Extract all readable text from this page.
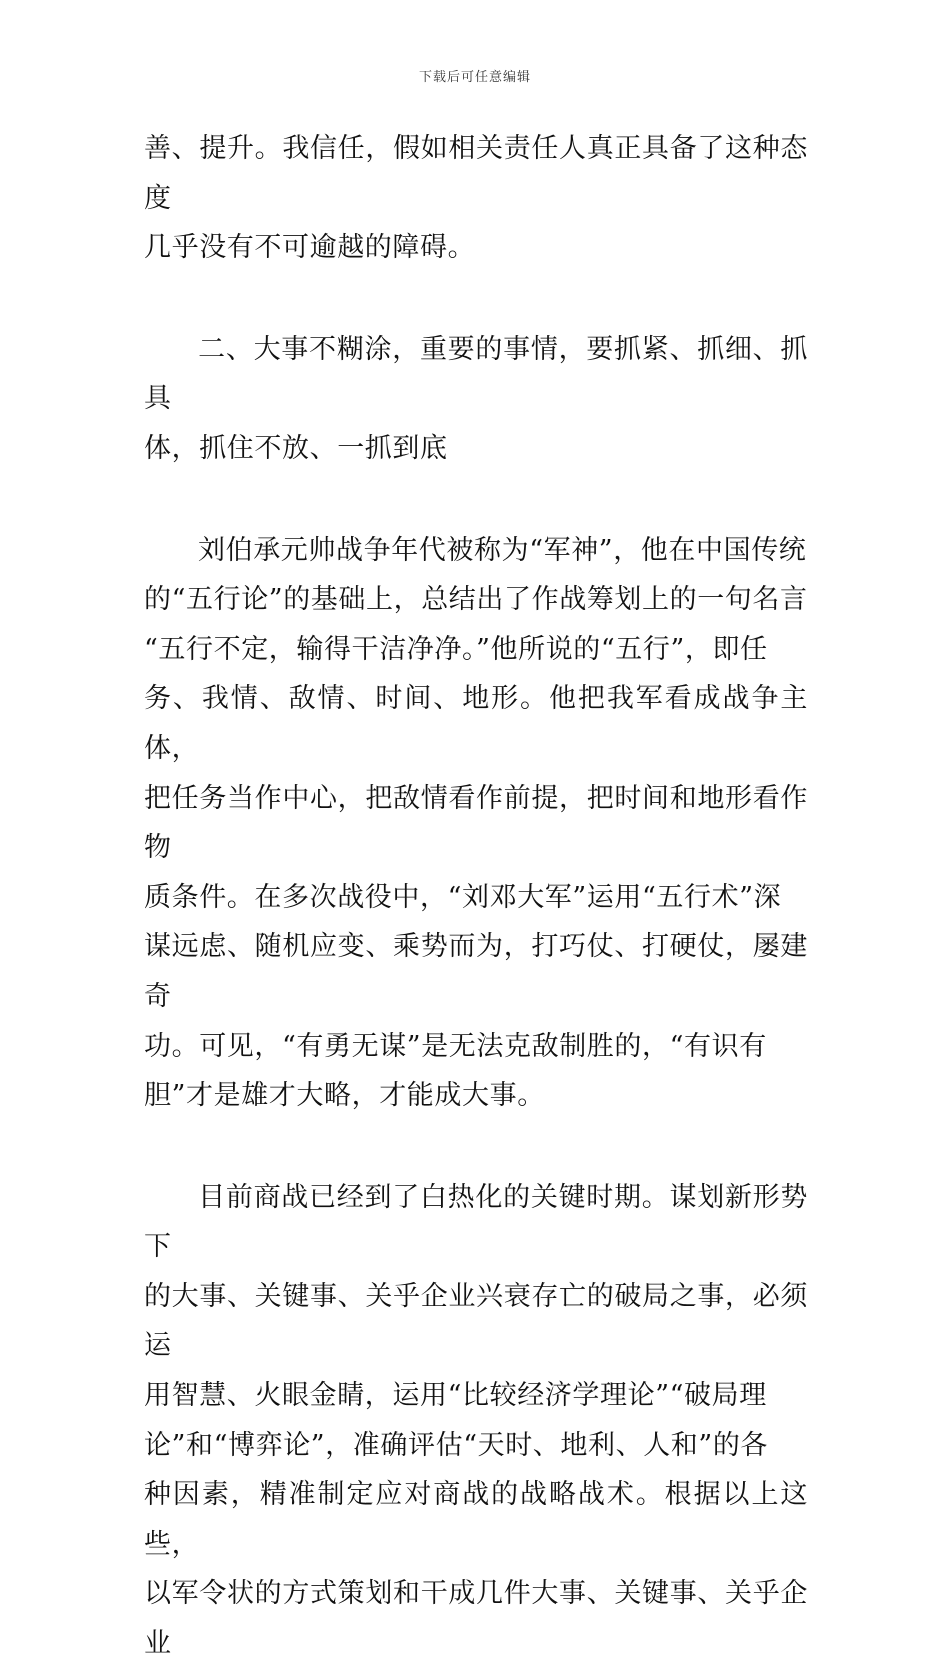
下载后可任意编辑
善、提升。我信任，假如相关责任人真正具备了这种态度
几乎没有不可逾越的障碍。
二、大事不糊涂，重要的事情，要抓紧、抓细、抓具
体，抓住不放、一抓到底
刘伯承元帅战争年代被称为“军神”，他在中国传统
的“五行论”的基础上，总结出了作战筹划上的一句名言
“五行不定，输得干洁净净。”他所说的“五行”，即任
务、我情、敌情、时间、地形。他把我军看成战争主体，
把任务当作中心，把敌情看作前提，把时间和地形看作物
质条件。在多次战役中，“刘邓大军”运用“五行术”深
谋远虑、随机应变、乘势而为，打巧仗、打硬仗，屡建奇
功。可见，“有勇无谋”是无法克敌制胜的，“有识有
胆”才是雄才大略，才能成大事。
目前商战已经到了白热化的关键时期。谋划新形势下
的大事、关键事、关乎企业兴衰存亡的破局之事，必须运
用智慧、火眼金睛，运用“比较经济学理论”“破局理
论”和“博弈论”，准确评估“天时、地利、人和”的各
种因素，精准制定应对商战的战略战术。根据以上这些，
以军令状的方式策划和干成几件大事、关键事、关乎企业
